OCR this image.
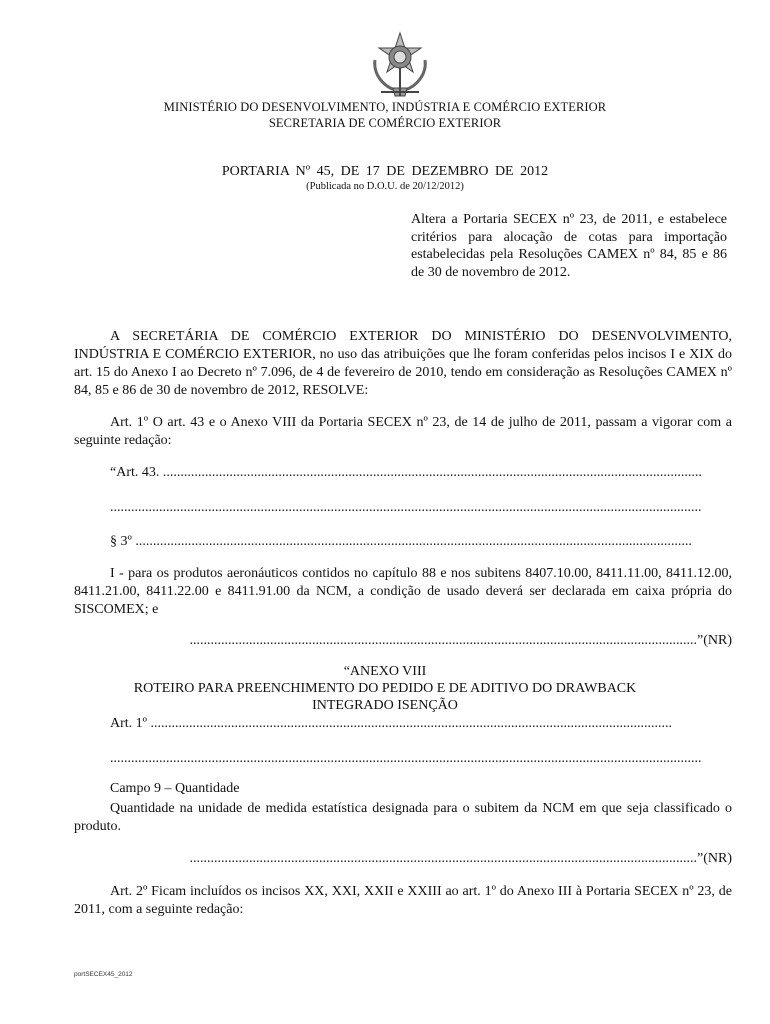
MINISTÉRIO DO DESENVOLVIMENTO, INDÚSTRIA E COMÉRCIO EXTERIOR
SECRETARIA DE COMÉRCIO EXTERIOR
PORTARIA Nº 45, DE 17 DE DEZEMBRO DE 2012
(Publicada no D.O.U. de 20/12/2012)
Altera a Portaria SECEX nº 23, de 2011, e estabelece critérios para alocação de cotas para importação estabelecidas pela Resoluções CAMEX nº 84, 85 e 86 de 30 de novembro de 2012.
A SECRETÁRIA DE COMÉRCIO EXTERIOR DO MINISTÉRIO DO DESENVOLVIMENTO, INDÚSTRIA E COMÉRCIO EXTERIOR, no uso das atribuições que lhe foram conferidas pelos incisos I e XIX do art. 15 do Anexo I ao Decreto nº 7.096, de 4 de fevereiro de 2010, tendo em consideração as Resoluções CAMEX nº 84, 85 e 86 de 30 de novembro de 2012, RESOLVE:
Art. 1º O art. 43 e o Anexo VIII da Portaria SECEX nº 23, de 14 de julho de 2011, passam a vigorar com a seguinte redação:
“Art. 43. ..........................................................................................................................................................
.........................................................................................................................................................................
§ 3º ...............................................................................................................................................................
I - para os produtos aeronáuticos contidos no capítulo 88 e nos subitens 8407.10.00, 8411.11.00, 8411.12.00, 8411.21.00, 8411.22.00 e 8411.91.00 da NCM, a condição de usado deverá ser declarada em caixa própria do SISCOMEX; e
.................................................................................................................................................”(NR)
“ANEXO VIII
ROTEIRO PARA PREENCHIMENTO DO PEDIDO E DE ADITIVO DO DRAWBACK
INTEGRADO ISENÇÃO
Art. 1º .....................................................................................................................................................
.........................................................................................................................................................................
Campo 9 – Quantidade
Quantidade na unidade de medida estatística designada para o subitem da NCM em que seja classificado o produto.
.................................................................................................................................................”(NR)
Art. 2º Ficam incluídos os incisos XX, XXI, XXII e XXIII ao art. 1º do Anexo III à Portaria SECEX nº 23, de 2011, com a seguinte redação:
portSECEX45_2012
